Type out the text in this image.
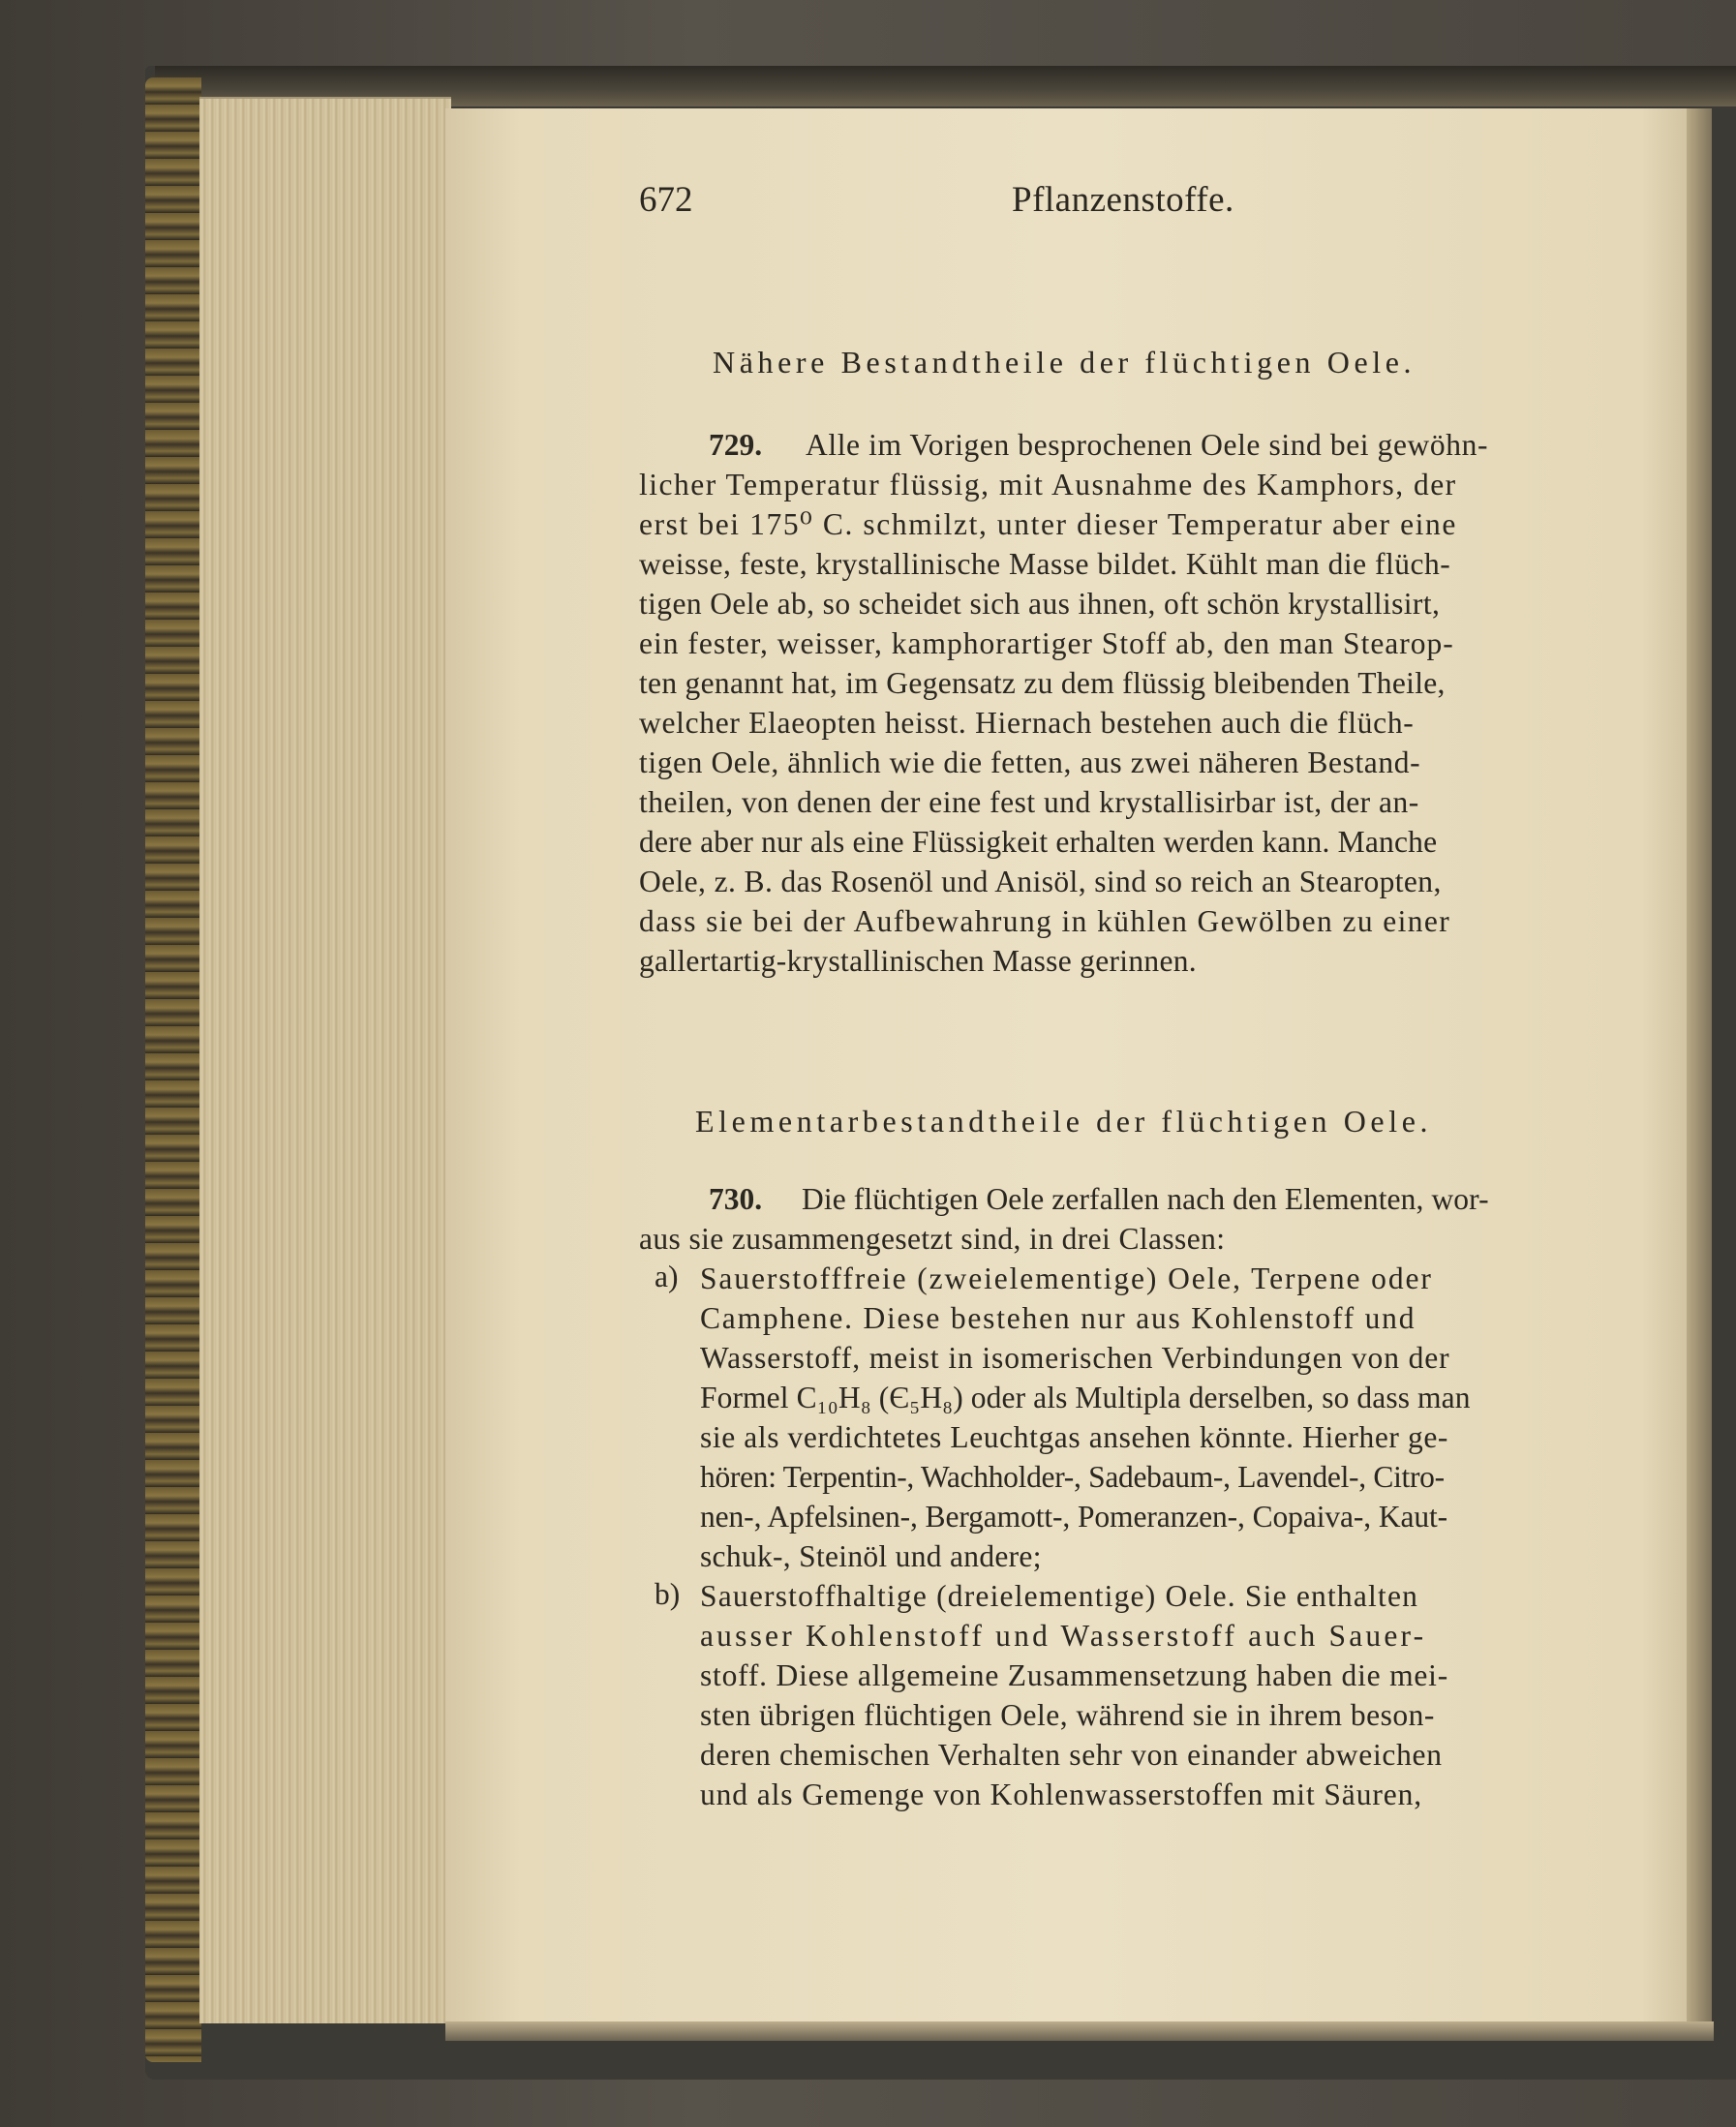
672	Pflanzenstoffe.
Nähere Bestandtheile der flüchtigen Oele.
729. Alle im Vorigen besprochenen Oele sind bei gewöhn-
licher Temperatur flüssig, mit Ausnahme des Kamphors, der
erst bei 175⁰ C. schmilzt, unter dieser Temperatur aber eine
weisse, feste, krystallinische Masse bildet. Kühlt man die flüch-
tigen Oele ab, so scheidet sich aus ihnen, oft schön krystallisirt,
ein fester, weisser, kamphorartiger Stoff ab, den man Stearop-
ten genannt hat, im Gegensatz zu dem flüssig bleibenden Theile,
welcher Elaeopten heisst. Hiernach bestehen auch die flüch-
tigen Oele, ähnlich wie die fetten, aus zwei näheren Bestand-
theilen, von denen der eine fest und krystallisirbar ist, der an-
dere aber nur als eine Flüssigkeit erhalten werden kann. Manche
Oele, z. B. das Rosenöl und Anisöl, sind so reich an Stearopten,
dass sie bei der Aufbewahrung in kühlen Gewölben zu einer
gallertartig-krystallinischen Masse gerinnen.
Elementarbestandtheile der flüchtigen Oele.
730. Die flüchtigen Oele zerfallen nach den Elementen, wor-
aus sie zusammengesetzt sind, in drei Classen:
a) Sauerstofffreie (zweielementige) Oele, Terpene oder
Camphene. Diese bestehen nur aus Kohlenstoff und
Wasserstoff, meist in isomerischen Verbindungen von der
Formel C₁₀H₈ (Є₅H₈) oder als Multipla derselben, so dass man
sie als verdichtetes Leuchtgas ansehen könnte. Hierher ge-
hören: Terpentin-, Wachholder-, Sadebaum-, Lavendel-, Citro-
nen-, Apfelsinen-, Bergamott-, Pomeranzen-, Copaiva-, Kaut-
schuk-, Steinöl und andere;
b) Sauerstoffhaltige (dreielementige) Oele. Sie enthalten
ausser Kohlenstoff und Wasserstoff auch Sauer-
stoff. Diese allgemeine Zusammensetzung haben die mei-
sten übrigen flüchtigen Oele, während sie in ihrem beson-
deren chemischen Verhalten sehr von einander abweichen
und als Gemenge von Kohlenwasserstoffen mit Säuren,
